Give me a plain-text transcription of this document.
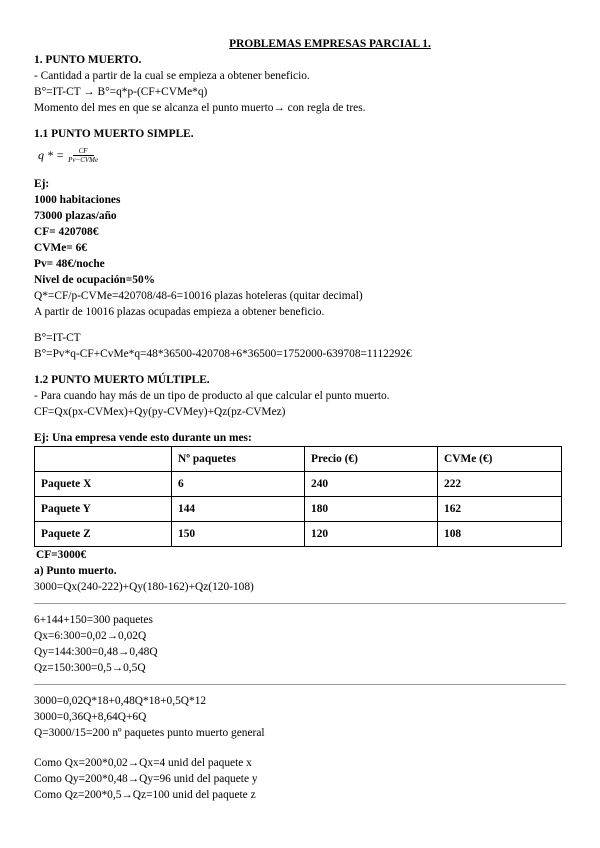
PROBLEMAS EMPRESAS PARCIAL 1.
1. PUNTO MUERTO.
- Cantidad a partir de la cual se empieza a obtener beneficio.
B°=IT-CT → B°=q*p-(CF+CVMe*q)
Momento del mes en que se alcanza el punto muerto→ con regla de tres.
1.1 PUNTO MUERTO SIMPLE.
q * = $\frac{CF}{\text{Pv−CVMe}}$
Ej:
1000 habitaciones
73000 plazas/año
CF= 420708€
CVMe= 6€
Pv= 48€/noche
Nivel de ocupación=50%
Q*=CF/p-CVMe=420708/48-6=10016 plazas hoteleras (quitar decimal)
A partir de 10016 plazas ocupadas empieza a obtener beneficio.
B°=IT-CT
B°=Pv*q-CF+CvMe*q=48*36500-420708+6*36500=1752000-639708=1112292€
1.2 PUNTO MUERTO MÚLTIPLE.
- Para cuando hay más de un tipo de producto al que calcular el punto muerto.
CF=Qx(px-CVMex)+Qy(py-CVMey)+Qz(pz-CVMez)
Ej: Una empresa vende esto durante un mes:
	Nº paquetes	Precio (€)	CVMe (€)
Paquete X	6	240	222
Paquete Y	144	180	162
Paquete Z	150	120	108
CF=3000€
a) Punto muerto.
3000=Qx(240-222)+Qy(180-162)+Qz(120-108)
6+144+150=300 paquetes
Qx=6:300=0,02→0,02Q
Qy=144:300=0,48→0,48Q
Qz=150:300=0,5→0,5Q
3000=0,02Q*18+0,48Q*18+0,5Q*12
3000=0,36Q+8,64Q+6Q
Q=3000/15=200 nº paquetes punto muerto general
Como Qx=200*0,02→Qx=4 unid del paquete x
Como Qy=200*0,48→Qy=96 unid del paquete y
Como Qz=200*0,5→Qz=100 unid del paquete z
